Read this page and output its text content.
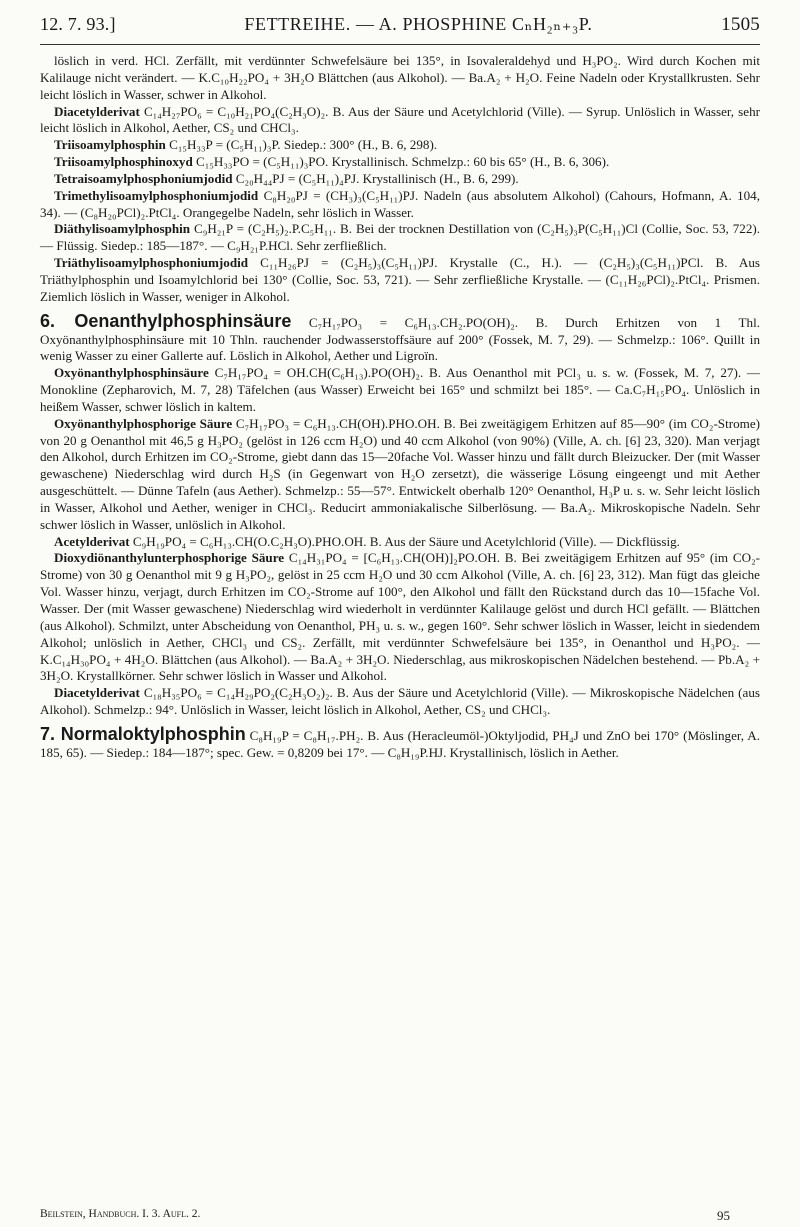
12. 7. 93.]	FETTREIHE. — A. PHOSPHINE CₙH₂ₙ₊₃P.	1505

löslich in verd. HCl. Zerfällt, mit verdünnter Schwefelsäure bei 135°, in Isovaleraldehyd und H₃PO₂. Wird durch Kochen mit Kalilauge nicht verändert. — K.C₁₀H₂₂PO₄ + 3H₂O Blättchen (aus Alkohol). — Ba.A₂ + H₂O. Feine Nadeln oder Krystallkrusten. Sehr leicht löslich in Wasser, schwer in Alkohol.

Diacetylderivat C₁₄H₂₇PO₆ = C₁₀H₂₁PO₄(C₂H₃O)₂. B. Aus der Säure und Acetylchlorid (Ville). — Syrup. Unlöslich in Wasser, sehr leicht löslich in Alkohol, Aether, CS₂ und CHCl₃.

Triisoamylphosphin C₁₅H₃₃P = (C₅H₁₁)₃P. Siedep.: 300° (H., B. 6, 298).

Triisoamylphosphinoxyd C₁₅H₃₃PO = (C₅H₁₁)₃PO. Krystallinisch. Schmelzp.: 60 bis 65° (H., B. 6, 306).

Tetraisoamylphosphoniumjodid C₂₀H₄₄PJ = (C₅H₁₁)₄PJ. Krystallinisch (H., B. 6, 299).

Trimethylisoamylphosphoniumjodid C₈H₂₀PJ = (CH₃)₃(C₅H₁₁)PJ. Nadeln (aus absolutem Alkohol) (Cahours, Hofmann, A. 104, 34). — (C₈H₂₀PCl)₂.PtCl₄. Orangegelbe Nadeln, sehr löslich in Wasser.

Diäthylisoamylphosphin C₉H₂₁P = (C₂H₅)₂.P.C₅H₁₁. B. Bei der trocknen Destillation von (C₂H₅)₃P(C₅H₁₁)Cl (Collie, Soc. 53, 722). — Flüssig. Siedep.: 185—187°. — C₉H₂₁P.HCl. Sehr zerfließlich.

Triäthylisoamylphosphoniumjodid C₁₁H₂₆PJ = (C₂H₅)₃(C₅H₁₁)PJ. Krystalle (C., H.). — (C₂H₅)₃(C₅H₁₁)PCl. B. Aus Triäthylphosphin und Isoamylchlorid bei 130° (Collie, Soc. 53, 721). — Sehr zerfließliche Krystalle. — (C₁₁H₂₆PCl)₂.PtCl₄. Prismen. Ziemlich löslich in Wasser, weniger in Alkohol.

6. Oenanthylphosphinsäure C₇H₁₇PO₃ = C₆H₁₃.CH₂.PO(OH)₂. B. Durch Erhitzen von 1 Thl. Oxyönanthylphosphinsäure mit 10 Thln. rauchender Jodwasserstoffsäure auf 200° (Fossek, M. 7, 29). — Schmelzp.: 106°. Quillt in wenig Wasser zu einer Gallerte auf. Löslich in Alkohol, Aether und Ligroïn.

Oxyönanthylphosphinsäure C₇H₁₇PO₄ = OH.CH(C₆H₁₃).PO(OH)₂. B. Aus Oenanthol mit PCl₃ u. s. w. (Fossek, M. 7, 27). — Monokline (Zepharovich, M. 7, 28) Täfelchen (aus Wasser) Erweicht bei 165° und schmilzt bei 185°. — Ca.C₇H₁₅PO₄. Unlöslich in heißem Wasser, schwer löslich in kaltem.

Oxyönanthylphosphorige Säure C₇H₁₇PO₃ = C₆H₁₃.CH(OH).PHO.OH. B. Bei zweitägigem Erhitzen auf 85—90° (im CO₂-Strome) von 20 g Oenanthol mit 46,5 g H₃PO₂ (gelöst in 126 ccm H₂O) und 40 ccm Alkohol (von 90%) (Ville, A. ch. [6] 23, 320). Man verjagt den Alkohol, durch Erhitzen im CO₂-Strome, giebt dann das 15—20fache Vol. Wasser hinzu und fällt durch Bleizucker. Der (mit Wasser gewaschene) Niederschlag wird durch H₂S (in Gegenwart von H₂O zersetzt), die wässerige Lösung eingeengt und mit Aether ausgeschüttelt. — Dünne Tafeln (aus Aether). Schmelzp.: 55—57°. Entwickelt oberhalb 120° Oenanthol, H₃P u. s. w. Sehr leicht löslich in Wasser, Alkohol und Aether, weniger in CHCl₃. Reducirt ammoniakalische Silberlösung. — Ba.A₂. Mikroskopische Nadeln. Sehr schwer löslich in Wasser, unlöslich in Alkohol.

Acetylderivat C₉H₁₉PO₄ = C₆H₁₃.CH(O.C₂H₃O).PHO.OH. B. Aus der Säure und Acetylchlorid (Ville). — Dickflüssig.

Dioxydiönanthylunterphosphorige Säure C₁₄H₃₁PO₄ = [C₆H₁₃.CH(OH)]₂PO.OH. B. Bei zweitägigem Erhitzen auf 95° (im CO₂-Strome) von 30 g Oenanthol mit 9 g H₃PO₂, gelöst in 25 ccm H₂O und 30 ccm Alkohol (Ville, A. ch. [6] 23, 312). Man fügt das gleiche Vol. Wasser hinzu, verjagt, durch Erhitzen im CO₂-Strome auf 100°, den Alkohol und fällt den Rückstand durch das 10—15fache Vol. Wasser. Der (mit Wasser gewaschene) Niederschlag wird wiederholt in verdünnter Kalilauge gelöst und durch HCl gefällt. — Blättchen (aus Alkohol). Schmilzt, unter Abscheidung von Oenanthol, PH₃ u. s. w., gegen 160°. Sehr schwer löslich in Wasser, leicht in siedendem Alkohol; unlöslich in Aether, CHCl₃ und CS₂. Zerfällt, mit verdünnter Schwefelsäure bei 135°, in Oenanthol und H₃PO₂. — K.C₁₄H₃₀PO₄ + 4H₂O. Blättchen (aus Alkohol). — Ba.A₂ + 3H₂O. Niederschlag, aus mikroskopischen Nädelchen bestehend. — Pb.A₂ + 3H₂O. Krystallkörner. Sehr schwer löslich in Wasser und Alkohol.

Diacetylderivat C₁₈H₃₅PO₆ = C₁₄H₂₉PO₂(C₂H₃O₂)₂. B. Aus der Säure und Acetylchlorid (Ville). — Mikroskopische Nädelchen (aus Alkohol). Schmelzp.: 94°. Unlöslich in Wasser, leicht löslich in Alkohol, Aether, CS₂ und CHCl₃.

7. Normaloktylphosphin C₈H₁₉P = C₈H₁₇.PH₂. B. Aus (Heracleumöl-)Oktyljodid, PH₄J und ZnO bei 170° (Möslinger, A. 185, 65). — Siedep.: 184—187°; spec. Gew. = 0,8209 bei 17°. — C₈H₁₉P.HJ. Krystallinisch, löslich in Aether.

Beilstein, Handbuch. I. 3. Aufl. 2.	95
